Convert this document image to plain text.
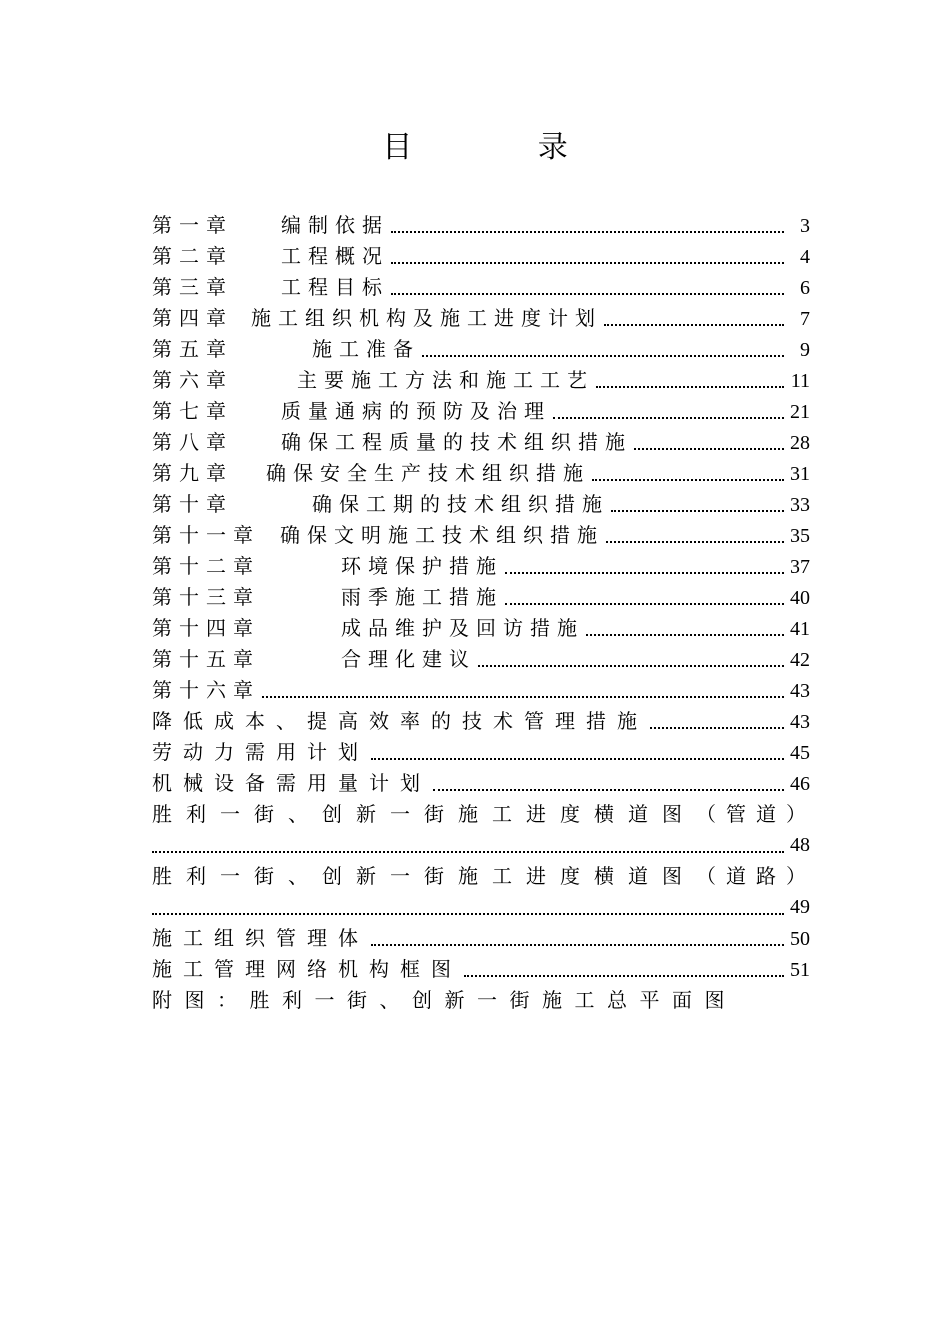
目 录
第一章 编制依据	3
第二章 工程概况	4
第三章 工程目标	6
第四章 施工组织机构及施工进度计划	7
第五章	施工准备	9
第六章	主要施工方法和施工工艺	11
第七章 质量通病的预防及治理	21
第八章 确保工程质量的技术组织措施	28
第九章 确保安全生产技术组织措施	31
第十章	确保工期的技术组织措施	33
第十一章 确保文明施工技术组织措施	35
第十二章	环境保护措施	37
第十三章	雨季施工措施	40
第十四章	成品维护及回访措施	41
第十五章	合理化建议	42
第十六章	43
降低成本、提高效率的技术管理措施	43
劳动力需用计划	45
机械设备需用量计划	46
胜利一街、创新一街施工进度横道图 （管道）
48
胜利一街、创新一街施工进度横道图 （道路）
49
施工组织管理体	50
施工管理网络机构框图	51
附图：胜利一街、创新一街施工总平面图
